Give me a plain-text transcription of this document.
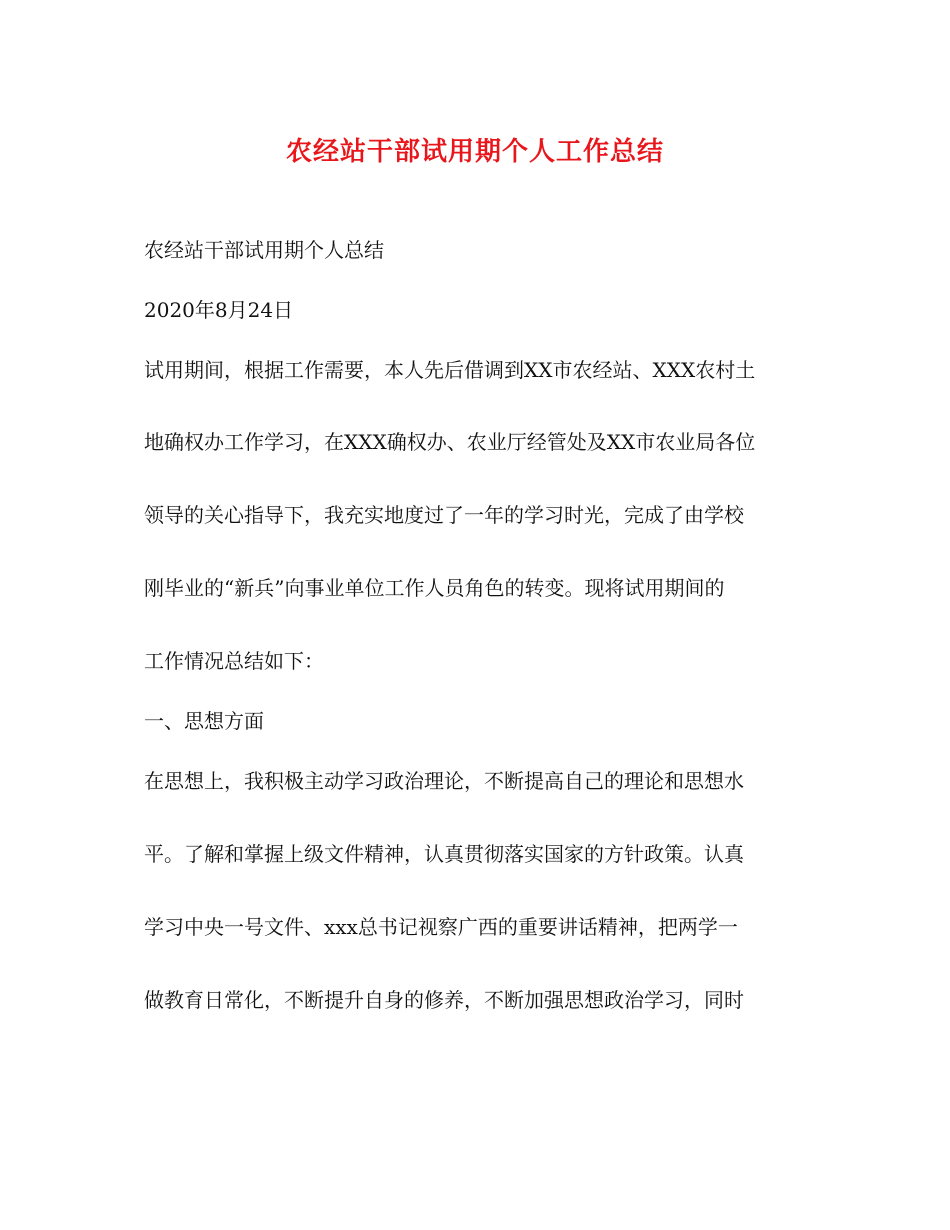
农经站干部试用期个人工作总结

农经站干部试用期个人总结

2020年8月24日

试用期间，根据工作需要，本人先后借调到XX市农经站、XXX农村土

地确权办工作学习，在XXX确权办、农业厅经管处及XX市农业局各位

领导的关心指导下，我充实地度过了一年的学习时光，完成了由学校

刚毕业的“新兵”向事业单位工作人员角色的转变。现将试用期间的

工作情况总结如下：

一、思想方面

在思想上，我积极主动学习政治理论，不断提高自己的理论和思想水

平。了解和掌握上级文件精神，认真贯彻落实国家的方针政策。认真

学习中央一号文件、xxx总书记视察广西的重要讲话精神，把两学一

做教育日常化，不断提升自身的修养，不断加强思想政治学习，同时
